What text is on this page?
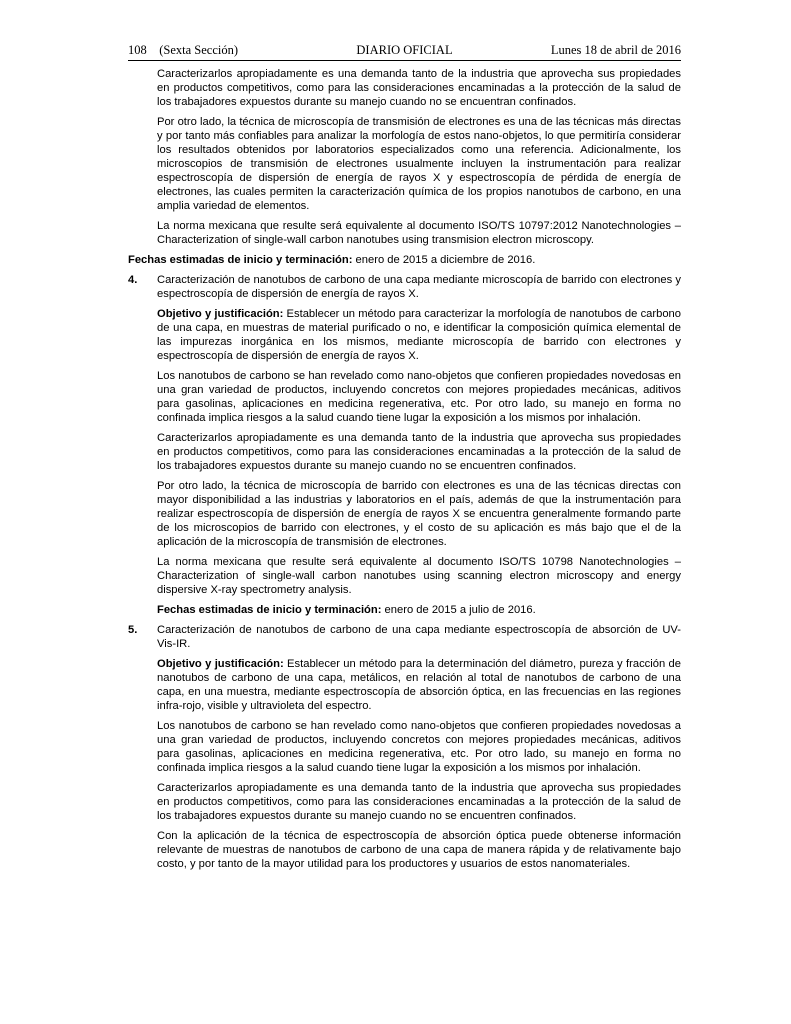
108 (Sexta Sección)	DIARIO OFICIAL	Lunes 18 de abril de 2016

Caracterizarlos apropiadamente es una demanda tanto de la industria que aprovecha sus propiedades en productos competitivos, como para las consideraciones encaminadas a la protección de la salud de los trabajadores expuestos durante su manejo cuando no se encuentran confinados.

Por otro lado, la técnica de microscopía de transmisión de electrones es una de las técnicas más directas y por tanto más confiables para analizar la morfología de estos nano-objetos, lo que permitiría considerar los resultados obtenidos por laboratorios especializados como una referencia. Adicionalmente, los microscopios de transmisión de electrones usualmente incluyen la instrumentación para realizar espectroscopía de dispersión de energía de rayos X y espectroscopía de pérdida de energía de electrones, las cuales permiten la caracterización química de los propios nanotubos de carbono, en una amplia variedad de elementos.

La norma mexicana que resulte será equivalente al documento ISO/TS 10797:2012 Nanotechnologies – Characterization of single-wall carbon nanotubes using transmision electron microscopy.

Fechas estimadas de inicio y terminación: enero de 2015 a diciembre de 2016.

4. Caracterización de nanotubos de carbono de una capa mediante microscopía de barrido con electrones y espectroscopía de dispersión de energía de rayos X.

Objetivo y justificación: Establecer un método para caracterizar la morfología de nanotubos de carbono de una capa, en muestras de material purificado o no, e identificar la composición química elemental de las impurezas inorgánica en los mismos, mediante microscopía de barrido con electrones y espectroscopía de dispersión de energía de rayos X.

Los nanotubos de carbono se han revelado como nano-objetos que confieren propiedades novedosas en una gran variedad de productos, incluyendo concretos con mejores propiedades mecánicas, aditivos para gasolinas, aplicaciones en medicina regenerativa, etc. Por otro lado, su manejo en forma no confinada implica riesgos a la salud cuando tiene lugar la exposición a los mismos por inhalación.

Caracterizarlos apropiadamente es una demanda tanto de la industria que aprovecha sus propiedades en productos competitivos, como para las consideraciones encaminadas a la protección de la salud de los trabajadores expuestos durante su manejo cuando no se encuentren confinados.

Por otro lado, la técnica de microscopía de barrido con electrones es una de las técnicas directas con mayor disponibilidad a las industrias y laboratorios en el país, además de que la instrumentación para realizar espectroscopía de dispersión de energía de rayos X se encuentra generalmente formando parte de los microscopios de barrido con electrones, y el costo de su aplicación es más bajo que el de la aplicación de la microscopía de transmisión de electrones.

La norma mexicana que resulte será equivalente al documento ISO/TS 10798 Nanotechnologies – Characterization of single-wall carbon nanotubes using scanning electron microscopy and energy dispersive X-ray spectrometry analysis.

Fechas estimadas de inicio y terminación: enero de 2015 a julio de 2016.

5. Caracterización de nanotubos de carbono de una capa mediante espectroscopía de absorción de UV-Vis-IR.

Objetivo y justificación: Establecer un método para la determinación del diámetro, pureza y fracción de nanotubos de carbono de una capa, metálicos, en relación al total de nanotubos de carbono de una capa, en una muestra, mediante espectroscopía de absorción óptica, en las frecuencias en las regiones infra-rojo, visible y ultravioleta del espectro.

Los nanotubos de carbono se han revelado como nano-objetos que confieren propiedades novedosas a una gran variedad de productos, incluyendo concretos con mejores propiedades mecánicas, aditivos para gasolinas, aplicaciones en medicina regenerativa, etc. Por otro lado, su manejo en forma no confinada implica riesgos a la salud cuando tiene lugar la exposición a los mismos por inhalación.

Caracterizarlos apropiadamente es una demanda tanto de la industria que aprovecha sus propiedades en productos competitivos, como para las consideraciones encaminadas a la protección de la salud de los trabajadores expuestos durante su manejo cuando no se encuentren confinados.

Con la aplicación de la técnica de espectroscopía de absorción óptica puede obtenerse información relevante de muestras de nanotubos de carbono de una capa de manera rápida y de relativamente bajo costo, y por tanto de la mayor utilidad para los productores y usuarios de estos nanomateriales.
